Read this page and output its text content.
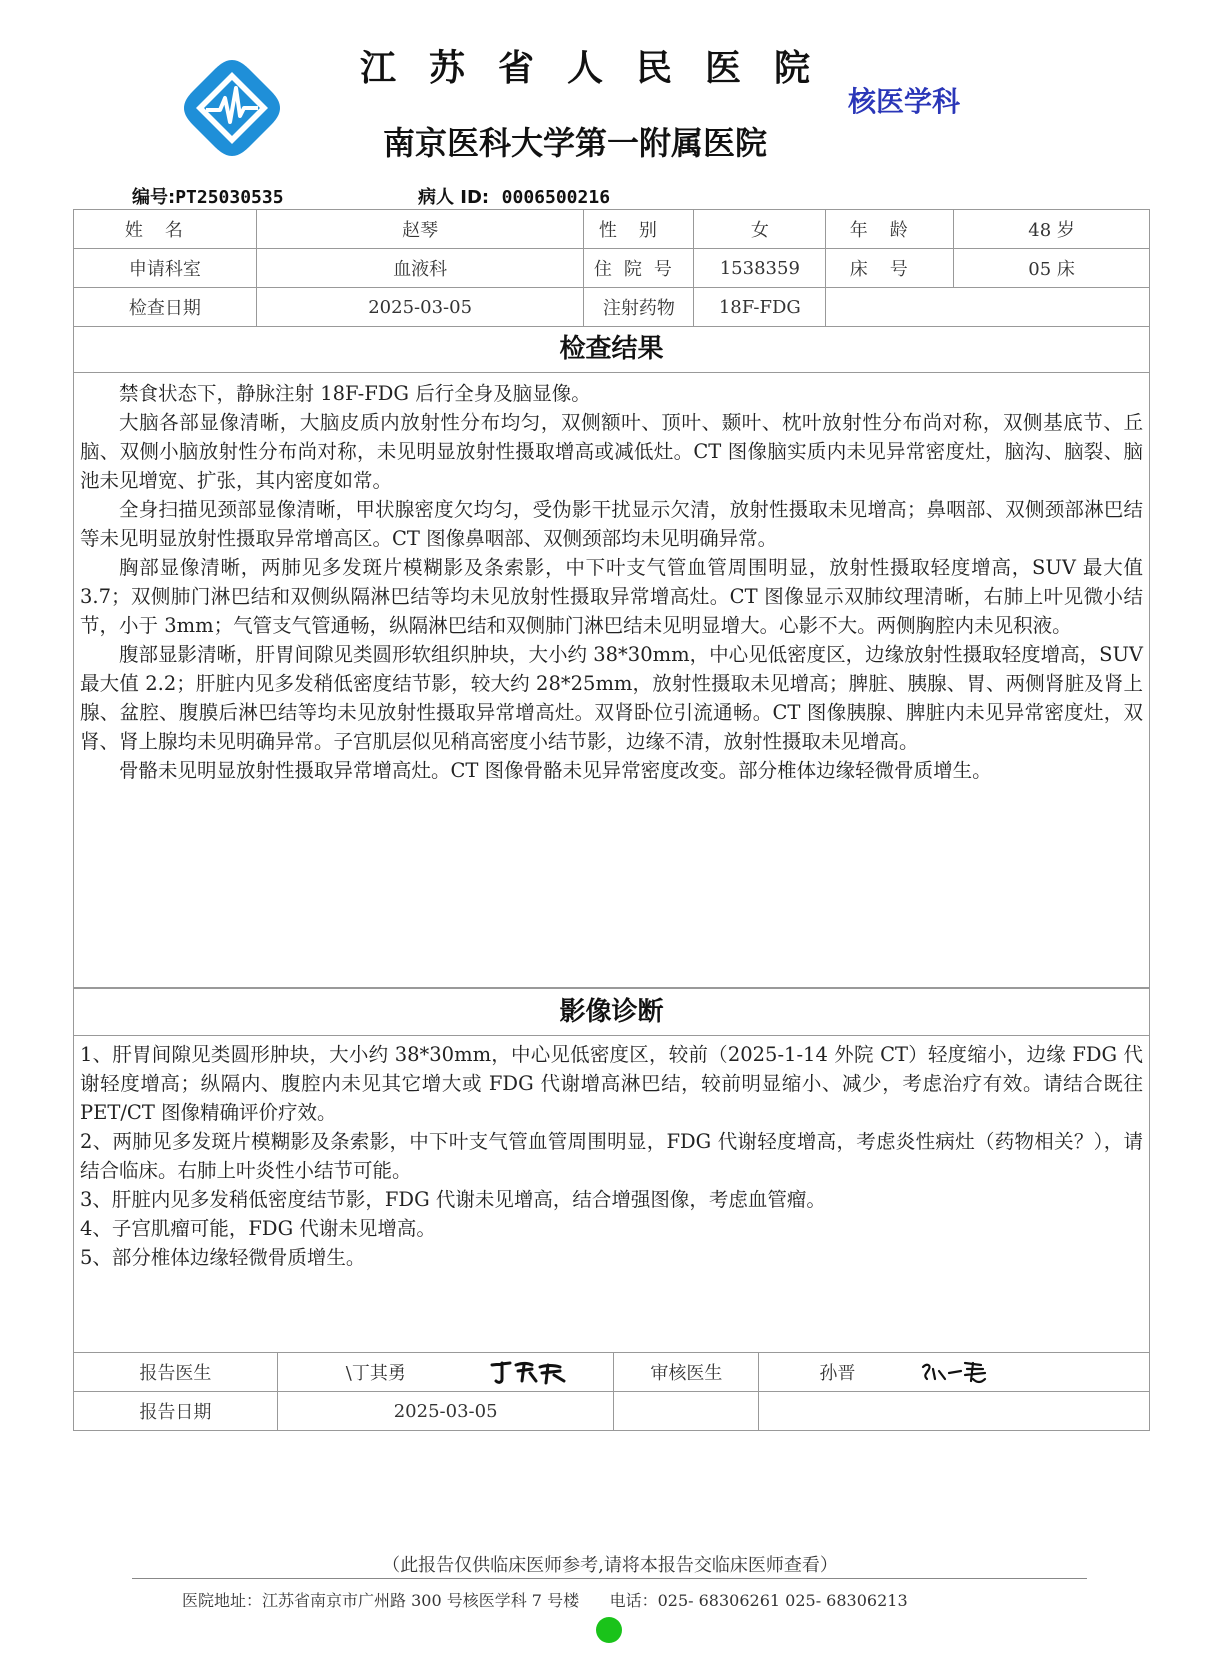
江苏省人民医院
南京医科大学第一附属医院
核医学科
编号:PT25030535	病人 ID: 0006500216
姓名	赵琴	性别	女	年龄	48 岁
申请科室	血液科	住院号	1538359	床号	05 床
检查日期	2025-03-05	注射药物	18F-FDG		
检查结果

禁食状态下，静脉注射 18F-FDG 后行全身及脑显像。

大脑各部显像清晰，大脑皮质内放射性分布均匀，双侧额叶、顶叶、颞叶、枕叶放射性分布尚对称，双侧基底节、丘脑、双侧小脑放射性分布尚对称，未见明显放射性摄取增高或减低灶。CT 图像脑实质内未见异常密度灶，脑沟、脑裂、脑池未见增宽、扩张，其内密度如常。

全身扫描见颈部显像清晰，甲状腺密度欠均匀，受伪影干扰显示欠清，放射性摄取未见增高；鼻咽部、双侧颈部淋巴结等未见明显放射性摄取异常增高区。CT 图像鼻咽部、双侧颈部均未见明确异常。

胸部显像清晰，两肺见多发斑片模糊影及条索影，中下叶支气管血管周围明显，放射性摄取轻度增高，SUV 最大值 3.7；双侧肺门淋巴结和双侧纵隔淋巴结等均未见放射性摄取异常增高灶。CT 图像显示双肺纹理清晰，右肺上叶见微小结节，小于 3mm；气管支气管通畅，纵隔淋巴结和双侧肺门淋巴结未见明显增大。心影不大。两侧胸腔内未见积液。

腹部显影清晰，肝胃间隙见类圆形软组织肿块，大小约 38*30mm，中心见低密度区，边缘放射性摄取轻度增高，SUV 最大值 2.2；肝脏内见多发稍低密度结节影，较大约 28*25mm，放射性摄取未见增高；脾脏、胰腺、胃、两侧肾脏及肾上腺、盆腔、腹膜后淋巴结等均未见放射性摄取异常增高灶。双肾卧位引流通畅。CT 图像胰腺、脾脏内未见异常密度灶，双肾、肾上腺均未见明确异常。子宫肌层似见稍高密度小结节影，边缘不清，放射性摄取未见增高。

骨骼未见明显放射性摄取异常增高灶。CT 图像骨骼未见异常密度改变。部分椎体边缘轻微骨质增生。

影像诊断

1、肝胃间隙见类圆形肿块，大小约 38*30mm，中心见低密度区，较前（2025-1-14 外院 CT）轻度缩小，边缘 FDG 代谢轻度增高；纵隔内、腹腔内未见其它增大或 FDG 代谢增高淋巴结，较前明显缩小、减少，考虑治疗有效。请结合既往 PET/CT 图像精确评价疗效。

2、两肺见多发斑片模糊影及条索影，中下叶支气管血管周围明显，FDG 代谢轻度增高，考虑炎性病灶（药物相关？），请结合临床。右肺上叶炎性小结节可能。

3、肝脏内见多发稍低密度结节影，FDG 代谢未见增高，结合增强图像，考虑血管瘤。

4、子宫肌瘤可能，FDG 代谢未见增高。

5、部分椎体边缘轻微骨质增生。

报告医生	\丁其勇	审核医生	孙晋

报告日期	2025-03-05		
（此报告仅供临床医师参考,请将本报告交临床医师查看）
医院地址：江苏省南京市广州路 300 号核医学科 7 号楼 电话：025- 68306261 025- 68306213
